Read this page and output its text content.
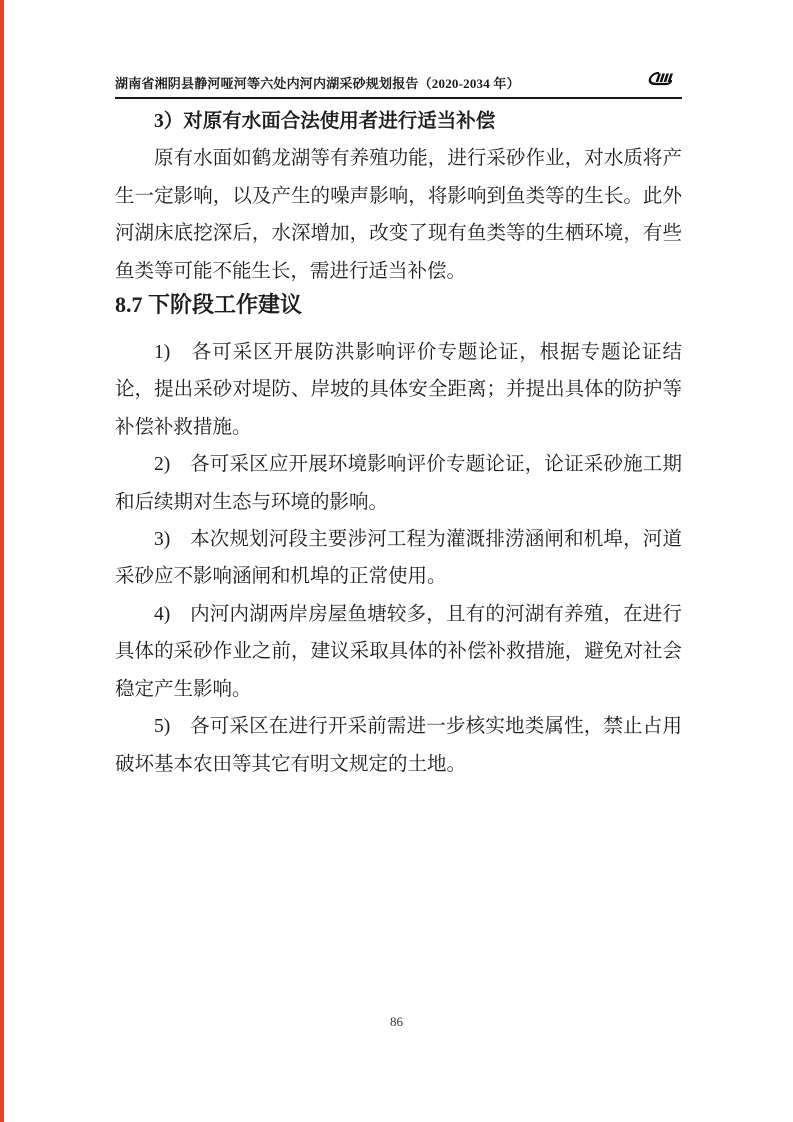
湖南省湘阴县静河哑河等六处内河内湖采砂规划报告（2020-2034 年）
3）对原有水面合法使用者进行适当补偿

原有水面如鹤龙湖等有养殖功能，进行采砂作业，对水质将产生一定影响，以及产生的噪声影响，将影响到鱼类等的生长。此外河湖床底挖深后，水深增加，改变了现有鱼类等的生栖环境，有些鱼类等可能不能生长，需进行适当补偿。

8.7 下阶段工作建议

1)　各可采区开展防洪影响评价专题论证，根据专题论证结论，提出采砂对堤防、岸坡的具体安全距离；并提出具体的防护等补偿补救措施。

2)　各可采区应开展环境影响评价专题论证，论证采砂施工期和后续期对生态与环境的影响。

3)　本次规划河段主要涉河工程为灌溉排涝涵闸和机埠，河道采砂应不影响涵闸和机埠的正常使用。

4)　内河内湖两岸房屋鱼塘较多，且有的河湖有养殖，在进行具体的采砂作业之前，建议采取具体的补偿补救措施，避免对社会稳定产生影响。

5)　各可采区在进行开采前需进一步核实地类属性，禁止占用破坏基本农田等其它有明文规定的土地。

86
